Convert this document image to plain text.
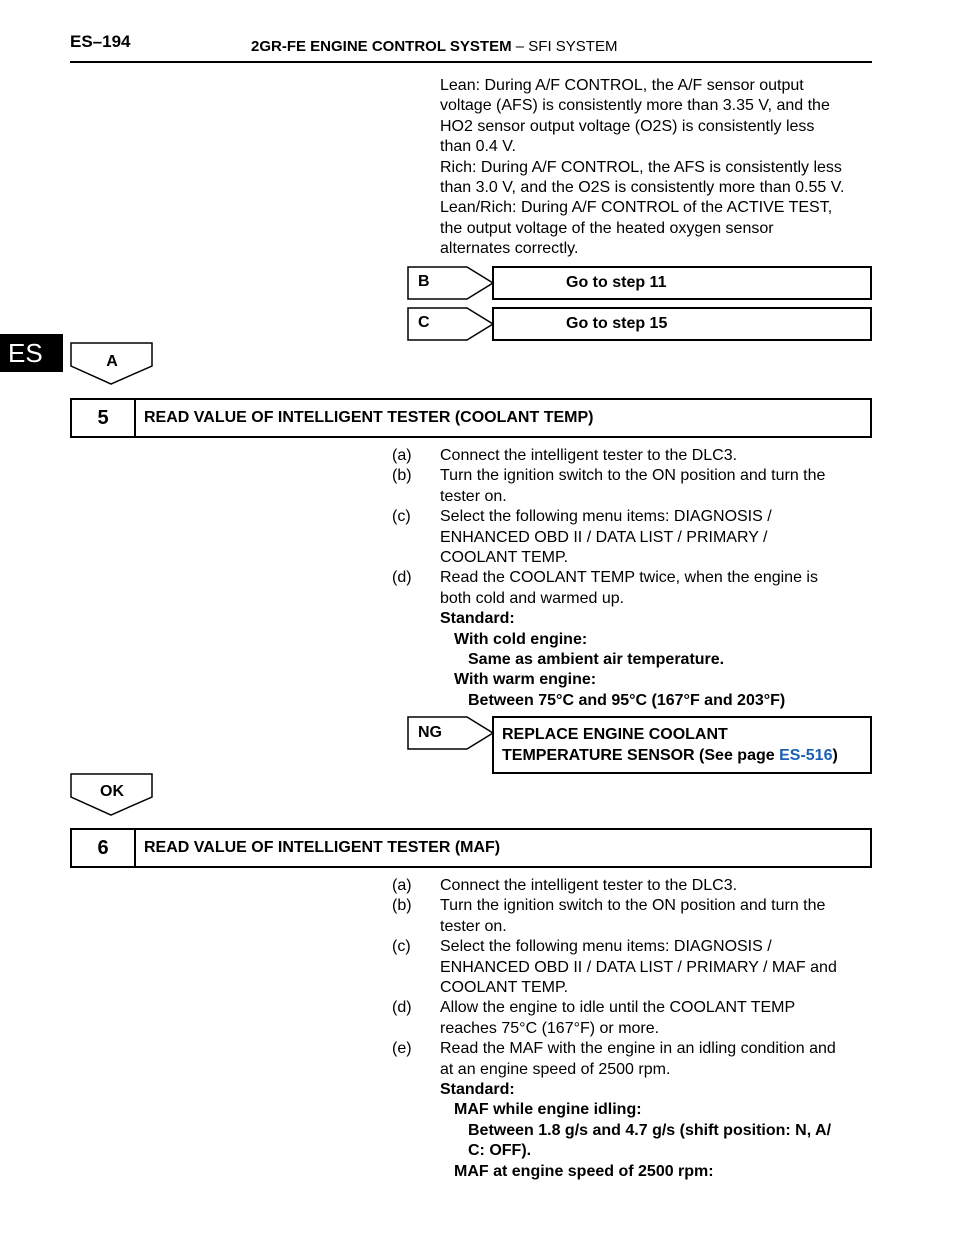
ES–194	2GR-FE ENGINE CONTROL SYSTEM – SFI SYSTEM
ES
Lean: During A/F CONTROL, the A/F sensor output
voltage (AFS) is consistently more than 3.35 V, and the
HO2 sensor output voltage (O2S) is consistently less
than 0.4 V.
Rich: During A/F CONTROL, the AFS is consistently less
than 3.0 V, and the O2S is consistently more than 0.55 V.
Lean/Rich: During A/F CONTROL of the ACTIVE TEST,
the output voltage of the heated oxygen sensor
alternates correctly.
B	Go to step 11
C	Go to step 15
A
5	READ VALUE OF INTELLIGENT TESTER (COOLANT TEMP)
(a) Connect the intelligent tester to the DLC3.
(b) Turn the ignition switch to the ON position and turn the
tester on.
(c) Select the following menu items: DIAGNOSIS /
ENHANCED OBD II / DATA LIST / PRIMARY /
COOLANT TEMP.
(d) Read the COOLANT TEMP twice, when the engine is
both cold and warmed up.
Standard:
With cold engine:
Same as ambient air temperature.
With warm engine:
Between 75°C and 95°C (167°F and 203°F)
NG	REPLACE ENGINE COOLANT
TEMPERATURE SENSOR (See page ES-516)
OK
6	READ VALUE OF INTELLIGENT TESTER (MAF)
(a) Connect the intelligent tester to the DLC3.
(b) Turn the ignition switch to the ON position and turn the
tester on.
(c) Select the following menu items: DIAGNOSIS /
ENHANCED OBD II / DATA LIST / PRIMARY / MAF and
COOLANT TEMP.
(d) Allow the engine to idle until the COOLANT TEMP
reaches 75°C (167°F) or more.
(e) Read the MAF with the engine in an idling condition and
at an engine speed of 2500 rpm.
Standard:
MAF while engine idling:
Between 1.8 g/s and 4.7 g/s (shift position: N, A/
C: OFF).
MAF at engine speed of 2500 rpm:
